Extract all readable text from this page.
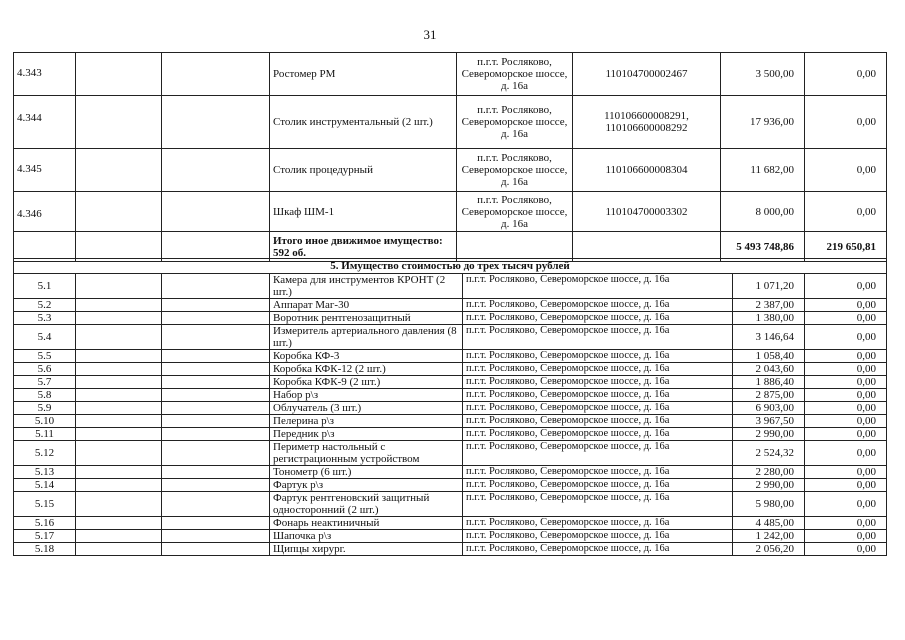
31
4.343			Ростомер РМ	п.г.т. Росляково, Североморское шоссе, д. 16а	110104700002467	3 500,00	0,00
4.344			Столик инструментальный (2 шт.)	п.г.т. Росляково, Североморское шоссе, д. 16а	110106600008291, 110106600008292	17 936,00	0,00
4.345			Столик процедурный	п.г.т. Росляково, Североморское шоссе, д. 16а	110106600008304	11 682,00	0,00
4.346			Шкаф ШМ-1	п.г.т. Росляково, Североморское шоссе, д. 16а	110104700003302	8 000,00	0,00
			Итого иное движимое имущество: 592 об.			5 493 748,86	219 650,81
5. Имущество стоимостью до трех тысяч рублей						
5.1			Камера для инструментов КРОНТ (2 шт.)	п.г.т. Росляково, Североморское шоссе, д. 16а	1 071,20	0,00
5.2			Аппарат Маг-30	п.г.т. Росляково, Североморское шоссе, д. 16а	2 387,00	0,00
5.3			Воротник рентгенозащитный	п.г.т. Росляково, Североморское шоссе, д. 16а	1 380,00	0,00
5.4			Измеритель артериального давления (8 шт.)	п.г.т. Росляково, Североморское шоссе, д. 16а	3 146,64	0,00
5.5			Коробка КФ-3	п.г.т. Росляково, Североморское шоссе, д. 16а	1 058,40	0,00
5.6			Коробка КФК-12 (2 шт.)	п.г.т. Росляково, Североморское шоссе, д. 16а	2 043,60	0,00
5.7			Коробка КФК-9 (2 шт.)	п.г.т. Росляково, Североморское шоссе, д. 16а	1 886,40	0,00
5.8			Набор р\з	п.г.т. Росляково, Североморское шоссе, д. 16а	2 875,00	0,00
5.9			Облучатель (3 шт.)	п.г.т. Росляково, Североморское шоссе, д. 16а	6 903,00	0,00
5.10			Пелерина р\з	п.г.т. Росляково, Североморское шоссе, д. 16а	3 967,50	0,00
5.11			Передник р\з	п.г.т. Росляково, Североморское шоссе, д. 16а	2 990,00	0,00
5.12			Периметр настольный с регистрационным устройством	п.г.т. Росляково, Североморское шоссе, д. 16а	2 524,32	0,00
5.13			Тонометр (6 шт.)	п.г.т. Росляково, Североморское шоссе, д. 16а	2 280,00	0,00
5.14			Фартук р\з	п.г.т. Росляково, Североморское шоссе, д. 16а	2 990,00	0,00
5.15			Фартук рентгеновский защитный односторонний (2 шт.)	п.г.т. Росляково, Североморское шоссе, д. 16а	5 980,00	0,00
5.16			Фонарь неактиничный	п.г.т. Росляково, Североморское шоссе, д. 16а	4 485,00	0,00
5.17			Шапочка р\з	п.г.т. Росляково, Североморское шоссе, д. 16а	1 242,00	0,00
5.18			Щипцы хирург.	п.г.т. Росляково, Североморское шоссе, д. 16а	2 056,20	0,00
